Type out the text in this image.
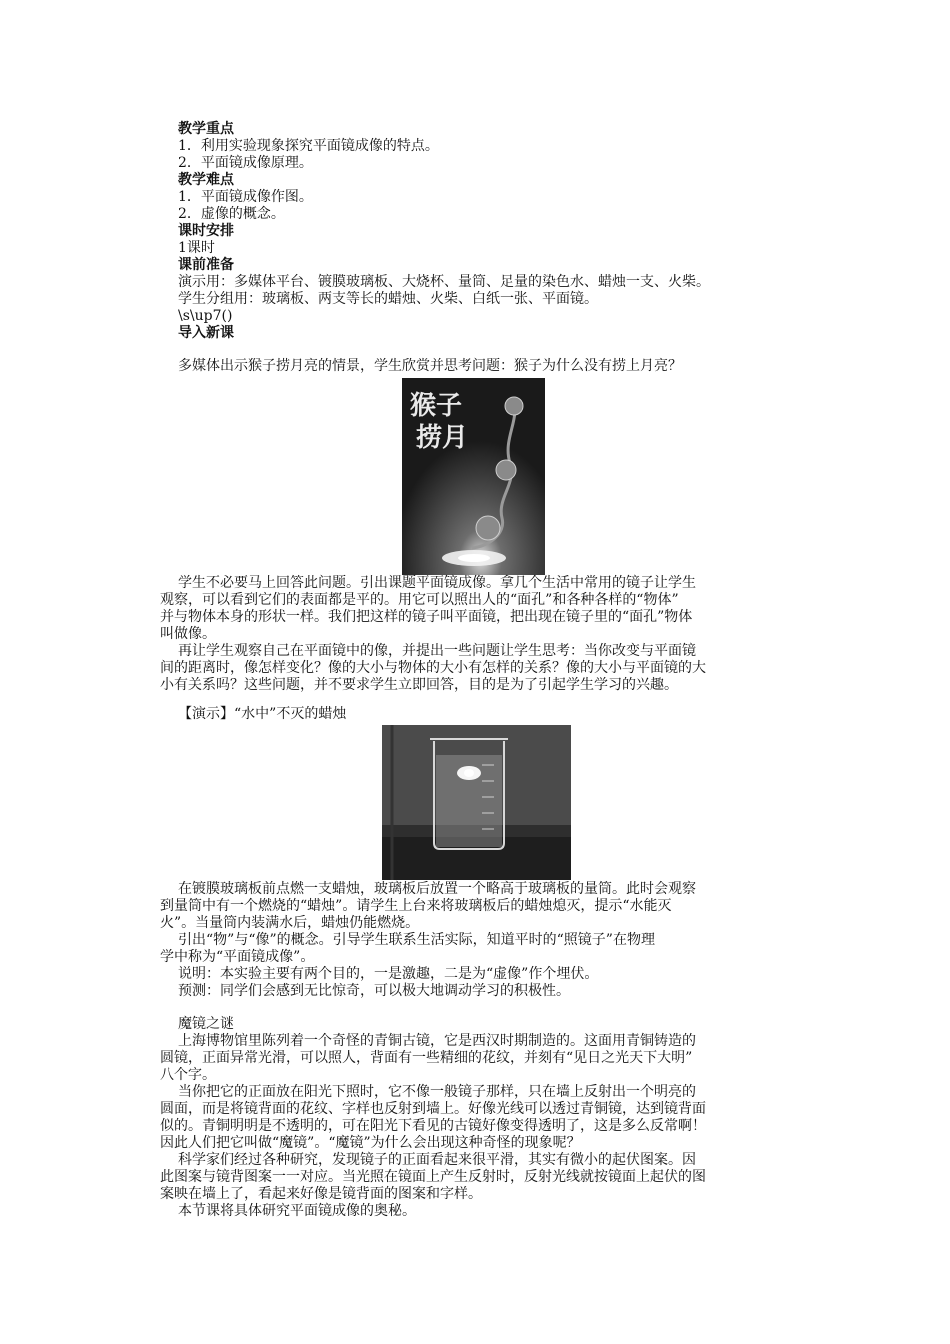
教学重点

1．利用实验现象探究平面镜成像的特点。

2．平面镜成像原理。

教学难点

1．平面镜成像作图。

2．虚像的概念。

课时安排

1课时

课前准备

演示用：多媒体平台、镀膜玻璃板、大烧杯、量筒、足量的染色水、蜡烛一支、火柴。

学生分组用：玻璃板、两支等长的蜡烛、火柴、白纸一张、平面镜。

\s\up7()

导入新课

多媒体出示猴子捞月亮的情景，学生欣赏并思考问题：猴子为什么没有捞上月亮？

猴子
捞月

学生不必要马上回答此问题。引出课题平面镜成像。拿几个生活中常用的镜子让学生

观察，可以看到它们的表面都是平的。用它可以照出人的“面孔”和各种各样的“物体”

并与物体本身的形状一样。我们把这样的镜子叫平面镜，把出现在镜子里的“面孔”物体

叫做像。

再让学生观察自己在平面镜中的像，并提出一些问题让学生思考：当你改变与平面镜

间的距离时，像怎样变化？像的大小与物体的大小有怎样的关系？像的大小与平面镜的大

小有关系吗？这些问题，并不要求学生立即回答，目的是为了引起学生学习的兴趣。

【演示】“水中”不灭的蜡烛

在镀膜玻璃板前点燃一支蜡烛，玻璃板后放置一个略高于玻璃板的量筒。此时会观察

到量筒中有一个燃烧的“蜡烛”。请学生上台来将玻璃板后的蜡烛熄灭，提示“水能灭

火”。当量筒内装满水后，蜡烛仍能燃烧。

引出“物”与“像”的概念。引导学生联系生活实际，知道平时的“照镜子”在物理

学中称为“平面镜成像”。

说明：本实验主要有两个目的，一是激趣，二是为“虚像”作个埋伏。

预测：同学们会感到无比惊奇，可以极大地调动学习的积极性。

魔镜之谜

上海博物馆里陈列着一个奇怪的青铜古镜，它是西汉时期制造的。这面用青铜铸造的

圆镜，正面异常光滑，可以照人，背面有一些精细的花纹，并刻有“见日之光天下大明”

八个字。

当你把它的正面放在阳光下照时，它不像一般镜子那样，只在墙上反射出一个明亮的

圆面，而是将镜背面的花纹、字样也反射到墙上。好像光线可以透过青铜镜，达到镜背面

似的。青铜明明是不透明的，可在阳光下看见的古镜好像变得透明了，这是多么反常啊！

因此人们把它叫做“魔镜”。“魔镜”为什么会出现这种奇怪的现象呢？

科学家们经过各种研究，发现镜子的正面看起来很平滑，其实有微小的起伏图案。因

此图案与镜背图案一一对应。当光照在镜面上产生反射时，反射光线就按镜面上起伏的图

案映在墙上了，看起来好像是镜背面的图案和字样。

本节课将具体研究平面镜成像的奥秘。
